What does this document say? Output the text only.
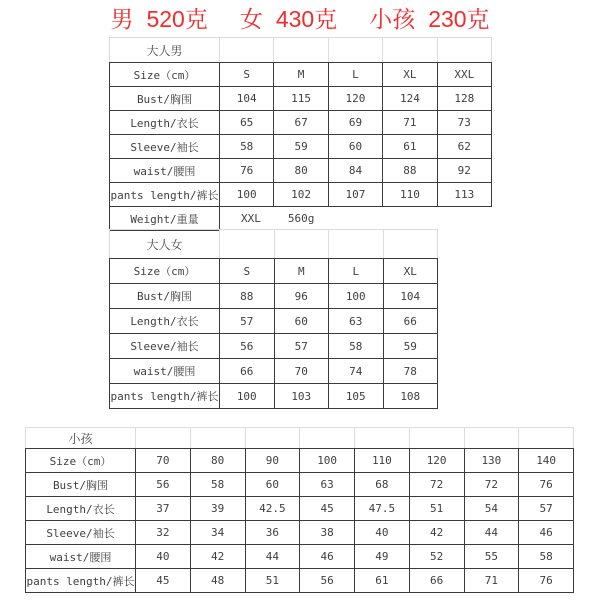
男 520克 女 430克 小孩 230克
大人男
Size（cm）	S	M	L	XL	XXL
Bust/胸围	104	115	120	124	128
Length/衣长	65	67	69	71	73
Sleeve/袖长	58	59	60	61	62
waist/腰围	76	80	84	88	92
pants length/裤长	100	102	107	110	113
Weight/重量	XXL 560g
大人女
Size（cm）	S	M	L	XL
Bust/胸围	88	96	100	104
Length/衣长	57	60	63	66
Sleeve/袖长	56	57	58	59
waist/腰围	66	70	74	78
pants length/裤长	100	103	105	108
小孩
Size（cm）	70	80	90	100	110	120	130	140
Bust/胸围	56	58	60	63	68	72	72	76
Length/衣长	37	39	42.5	45	47.5	51	54	57
Sleeve/袖长	32	34	36	38	40	42	44	46
waist/腰围	40	42	44	46	49	52	55	58
pants length/裤长	45	48	51	56	61	66	71	76
